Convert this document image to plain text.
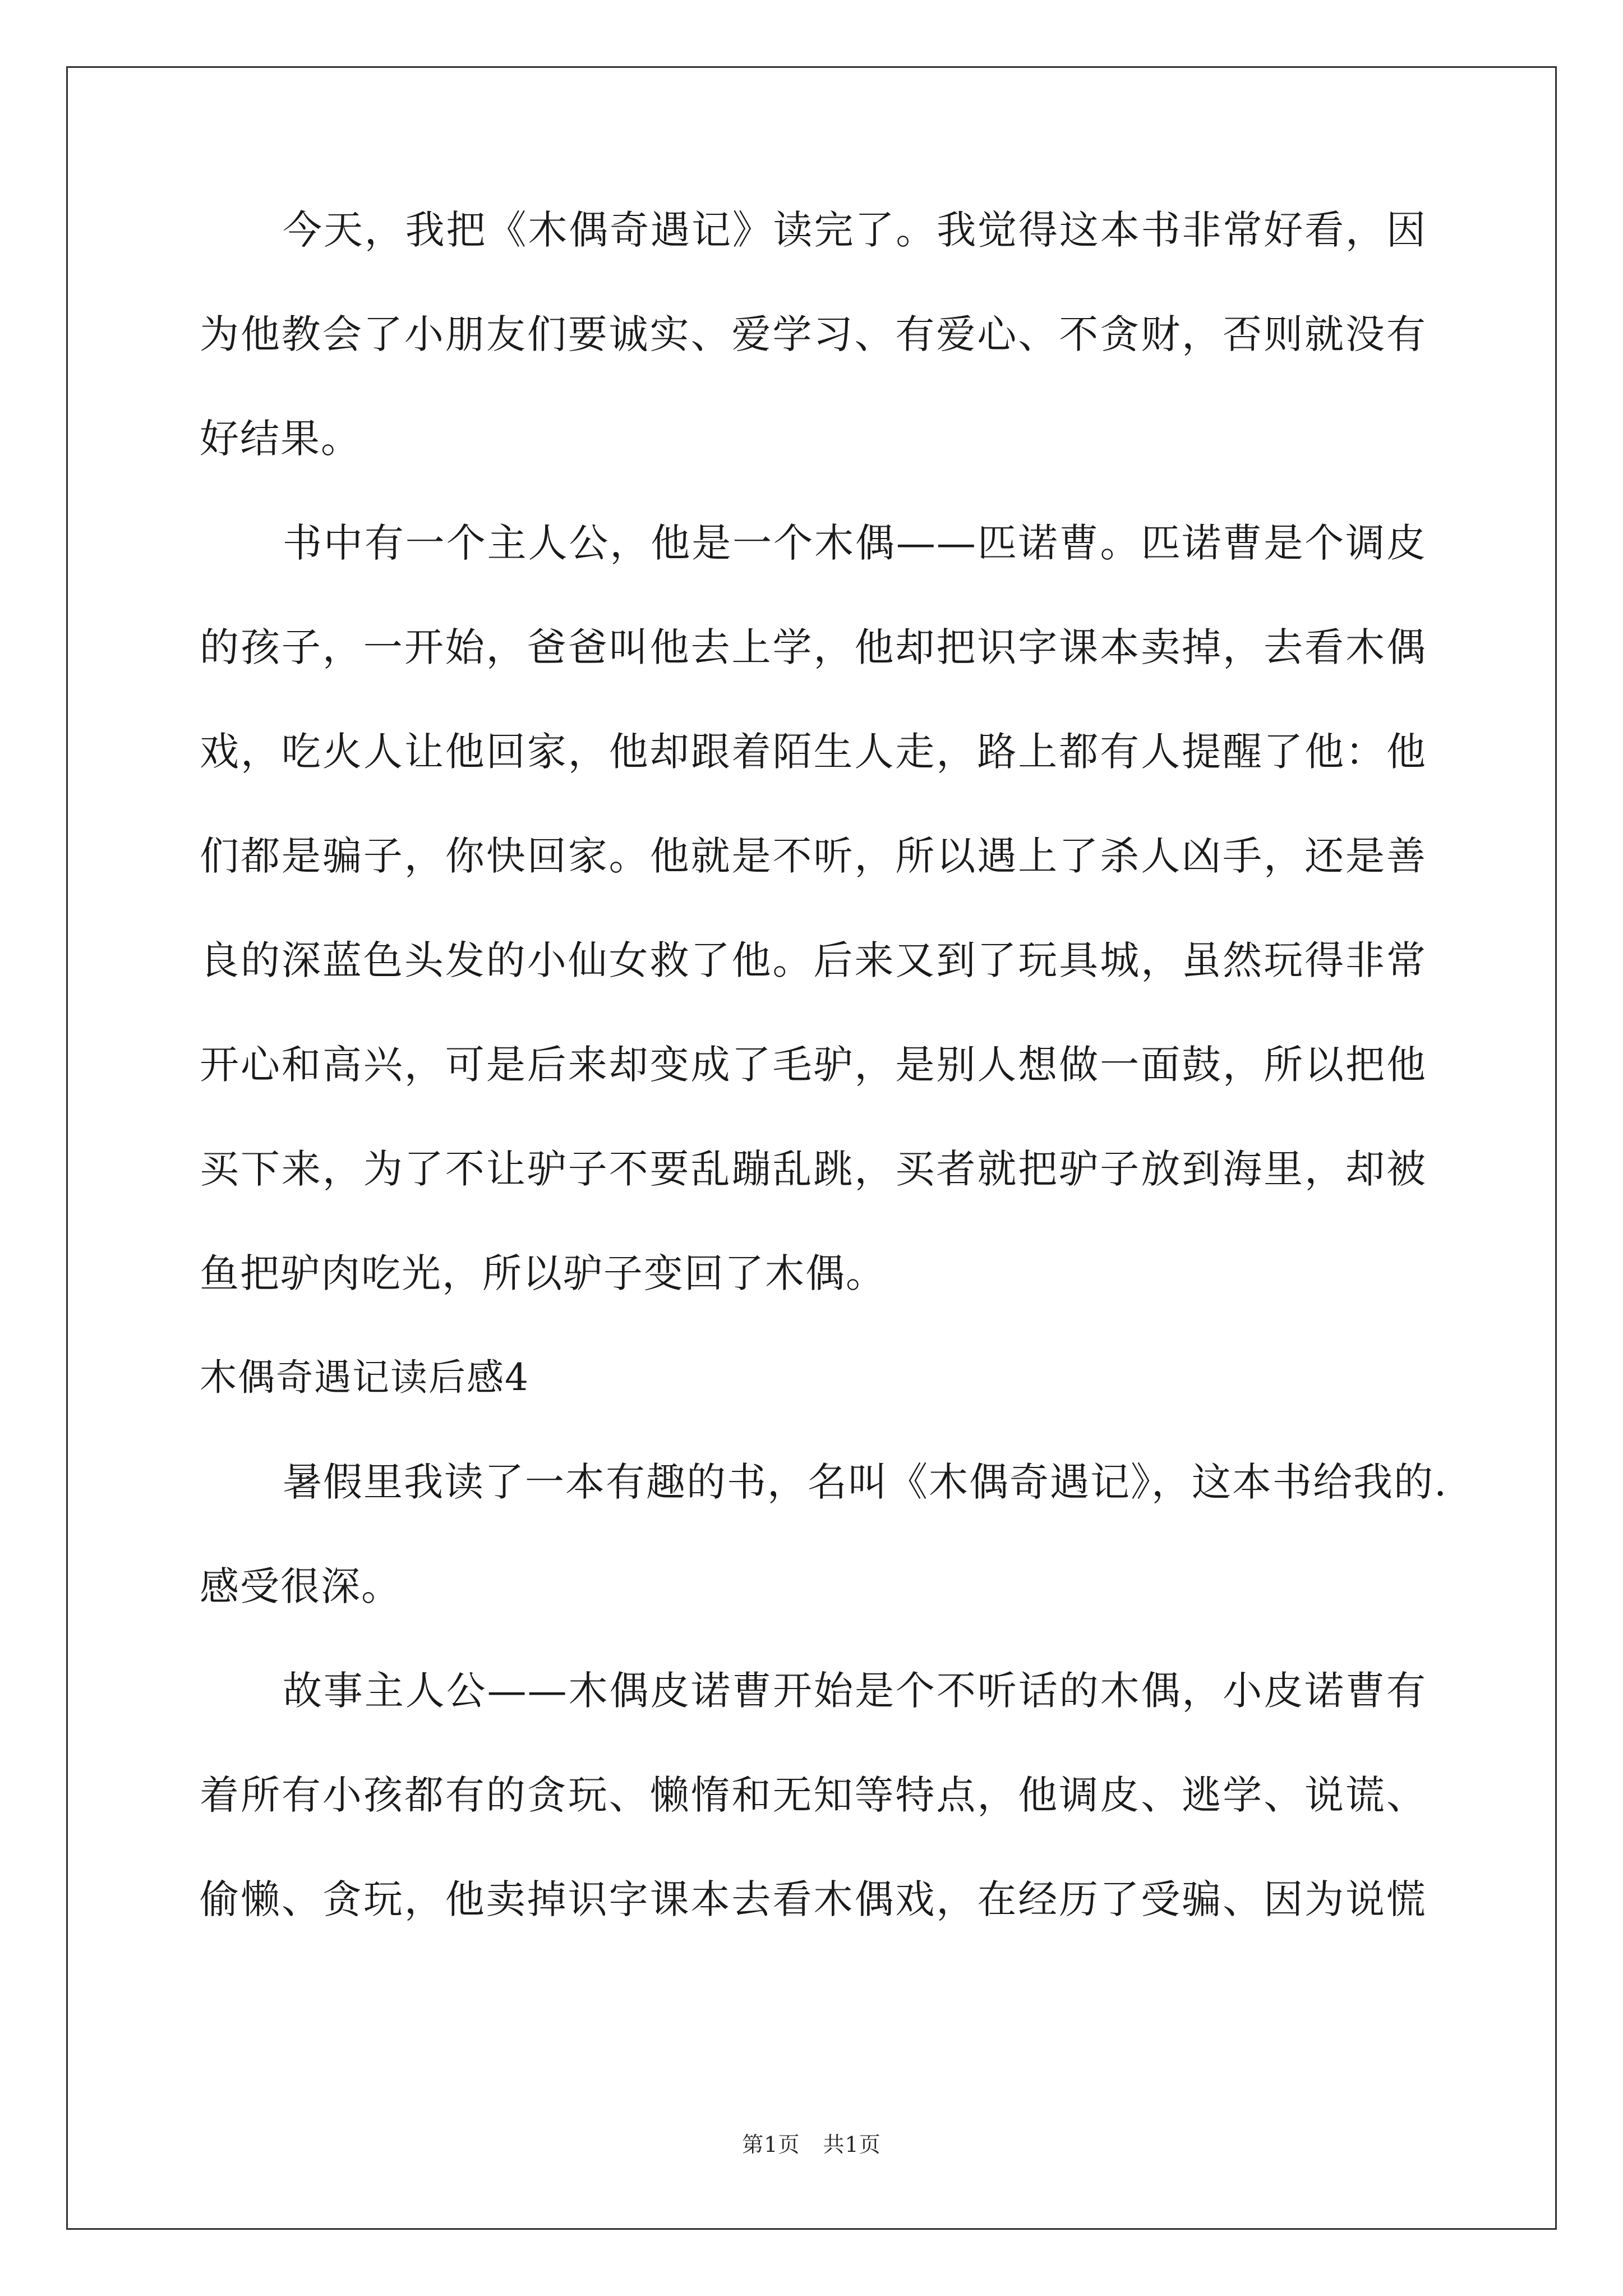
今天，我把《木偶奇遇记》读完了。我觉得这本书非常好看，因
为他教会了小朋友们要诚实、爱学习、有爱心、不贪财，否则就没有
好结果。
书中有一个主人公，他是一个木偶——匹诺曹。匹诺曹是个调皮
的孩子，一开始，爸爸叫他去上学，他却把识字课本卖掉，去看木偶
戏，吃火人让他回家，他却跟着陌生人走，路上都有人提醒了他：他
们都是骗子，你快回家。他就是不听，所以遇上了杀人凶手，还是善
良的深蓝色头发的小仙女救了他。后来又到了玩具城，虽然玩得非常
开心和高兴，可是后来却变成了毛驴，是别人想做一面鼓，所以把他
买下来，为了不让驴子不要乱蹦乱跳，买者就把驴子放到海里，却被
鱼把驴肉吃光，所以驴子变回了木偶。
木偶奇遇记读后感4
暑假里我读了一本有趣的书，名叫《木偶奇遇记》，这本书给我的.
感受很深。
故事主人公——木偶皮诺曹开始是个不听话的木偶，小皮诺曹有
着所有小孩都有的贪玩、懒惰和无知等特点，他调皮、逃学、说谎、
偷懒、贪玩，他卖掉识字课本去看木偶戏，在经历了受骗、因为说慌
第1页 共1页
